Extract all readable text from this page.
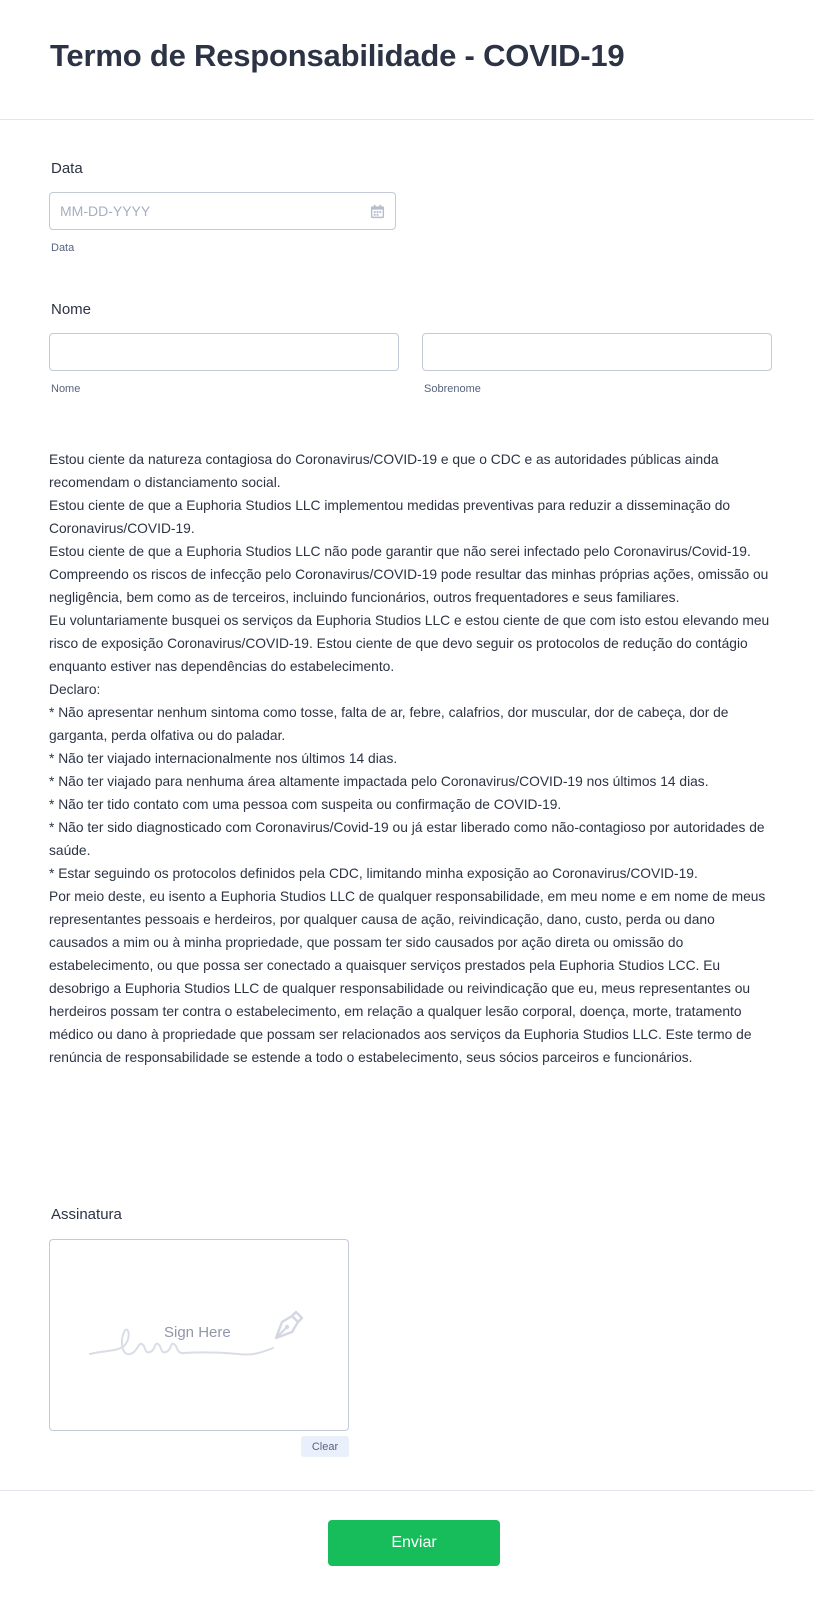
Termo de Responsabilidade - COVID-19
Data
MM-DD-YYYY
Data
Nome
Nome	Sobrenome

Estou ciente da natureza contagiosa do Coronavirus/COVID-19 e que o CDC e as autoridades públicas ainda recomendam o distanciamento social.

Estou ciente de que a Euphoria Studios LLC implementou medidas preventivas para reduzir a disseminação do Coronavirus/COVID-19.

Estou ciente de que a Euphoria Studios LLC não pode garantir que não serei infectado pelo Coronavirus/Covid-19. Compreendo os riscos de infecção pelo Coronavirus/COVID-19 pode resultar das minhas próprias ações, omissão ou negligência, bem como as de terceiros, incluindo funcionários, outros frequentadores e seus familiares.

Eu voluntariamente busquei os serviços da Euphoria Studios LLC e estou ciente de que com isto estou elevando meu risco de exposição Coronavirus/COVID-19. Estou ciente de que devo seguir os protocolos de redução do contágio enquanto estiver nas dependências do estabelecimento.

Declaro:

* Não apresentar nenhum sintoma como tosse, falta de ar, febre, calafrios, dor muscular, dor de cabeça, dor de garganta, perda olfativa ou do paladar.

* Não ter viajado internacionalmente nos últimos 14 dias.

* Não ter viajado para nenhuma área altamente impactada pelo Coronavirus/COVID-19 nos últimos 14 dias.

* Não ter tido contato com uma pessoa com suspeita ou confirmação de COVID-19.

* Não ter sido diagnosticado com Coronavirus/Covid-19 ou já estar liberado como não-contagioso por autoridades de saúde.

* Estar seguindo os protocolos definidos pela CDC, limitando minha exposição ao Coronavirus/COVID-19.

Por meio deste, eu isento a Euphoria Studios LLC de qualquer responsabilidade, em meu nome e em nome de meus representantes pessoais e herdeiros, por qualquer causa de ação, reivindicação, dano, custo, perda ou dano causados a mim ou à minha propriedade, que possam ter sido causados por ação direta ou omissão do estabelecimento, ou que possa ser conectado a quaisquer serviços prestados pela Euphoria Studios LCC. Eu desobrigo a Euphoria Studios LLC de qualquer responsabilidade ou reivindicação que eu, meus representantes ou herdeiros possam ter contra o estabelecimento, em relação a qualquer lesão corporal, doença, morte, tratamento médico ou dano à propriedade que possam ser relacionados aos serviços da Euphoria Studios LLC. Este termo de renúncia de responsabilidade se estende a todo o estabelecimento, seus sócios parceiros e funcionários.

Assinatura
Sign Here
Clear
Enviar
